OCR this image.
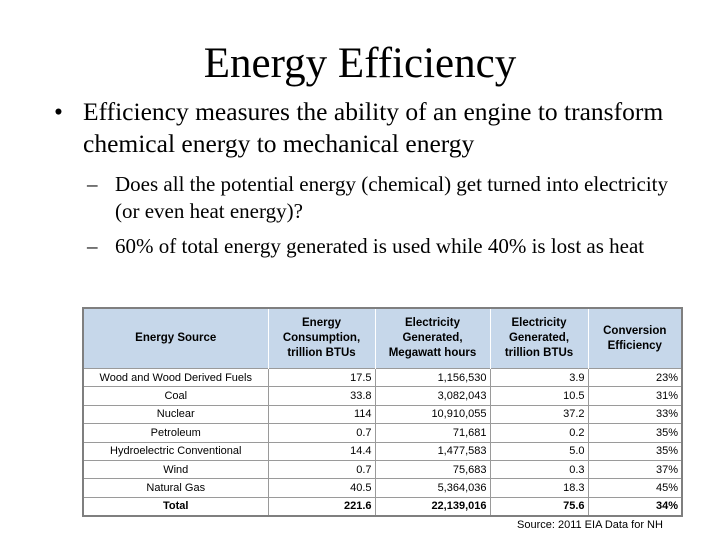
Energy Efficiency
• Efficiency measures the ability of an engine to transform chemical energy to mechanical energy
– Does all the potential energy (chemical) get turned into electricity (or even heat energy)?
– 60% of total energy generated is used while 40% is lost as heat
Energy Source	Energy Consumption, trillion BTUs	Electricity Generated, Megawatt hours	Electricity Generated, trillion BTUs	Conversion Efficiency
Wood and Wood Derived Fuels	17.5	1,156,530	3.9	23%
Coal	33.8	3,082,043	10.5	31%
Nuclear	114	10,910,055	37.2	33%
Petroleum	0.7	71,681	0.2	35%
Hydroelectric Conventional	14.4	1,477,583	5.0	35%
Wind	0.7	75,683	0.3	37%
Natural Gas	40.5	5,364,036	18.3	45%
Total	221.6	22,139,016	75.6	34%
Source: 2011 EIA Data for NH
